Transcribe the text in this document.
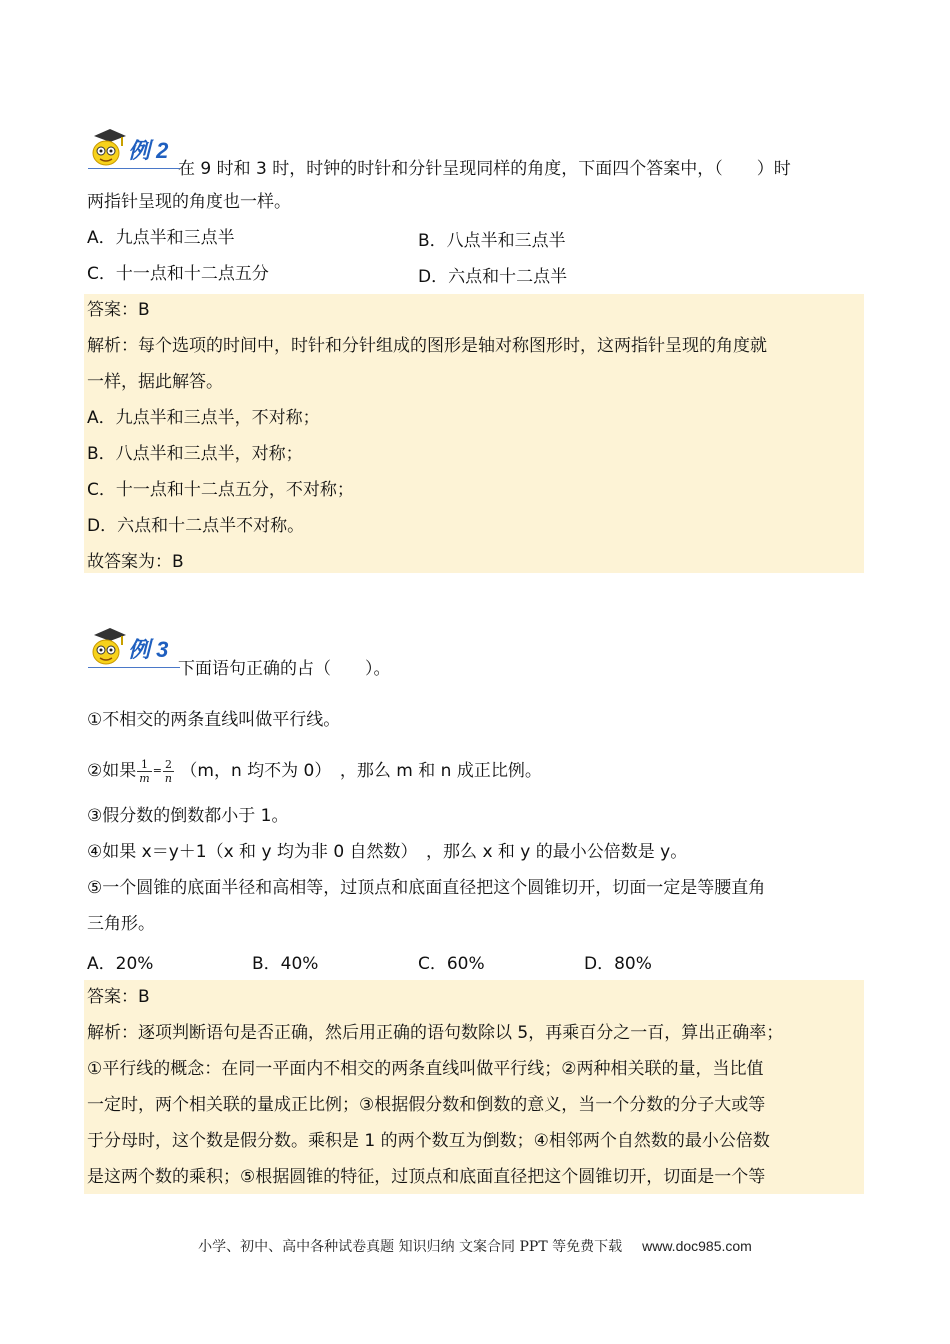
例 2
在 9 时和 3 时，时钟的时针和分针呈现同样的角度，下面四个答案中，（　　）时
两指针呈现的角度也一样。
A．九点半和三点半	B．八点半和三点半
C．十一点和十二点五分	D．六点和十二点半
答案：B
解析：每个选项的时间中，时针和分针组成的图形是轴对称图形时，这两指针呈现的角度就
一样，据此解答。
A．九点半和三点半，不对称；
B．八点半和三点半，对称；
C．十一点和十二点五分，不对称；
D．六点和十二点半不对称。
故答案为：B
例 3
下面语句正确的占（　　）。
①不相交的两条直线叫做平行线。
②如果 $\frac{1}{m} = \frac{2}{n} (m$，n 均不为 0）　，那么 m 和 n 成正比例。
③假分数的倒数都小于 1。
④如果 x＝y＋1（x 和 y 均为非 0 自然数）　，那么 x 和 y 的最小公倍数是 y。
⑤一个圆锥的底面半径和高相等，过顶点和底面直径把这个圆锥切开，切面一定是等腰直角
三角形。
A．20%	B．40%	C．60%	D．80%
答案：B
解析：逐项判断语句是否正确，然后用正确的语句数除以 5，再乘百分之一百，算出正确率；
①平行线的概念：在同一平面内不相交的两条直线叫做平行线；②两种相关联的量，当比值
一定时，两个相关联的量成正比例；③根据假分数和倒数的意义，当一个分数的分子大或等
于分母时，这个数是假分数。乘积是 1 的两个数互为倒数；④相邻两个自然数的最小公倍数
是这两个数的乘积；⑤根据圆锥的特征，过顶点和底面直径把这个圆锥切开，切面是一个等
小学、初中、高中各种试卷真题 知识归纳 文案合同 PPT 等免费下载 www.doc985.com
